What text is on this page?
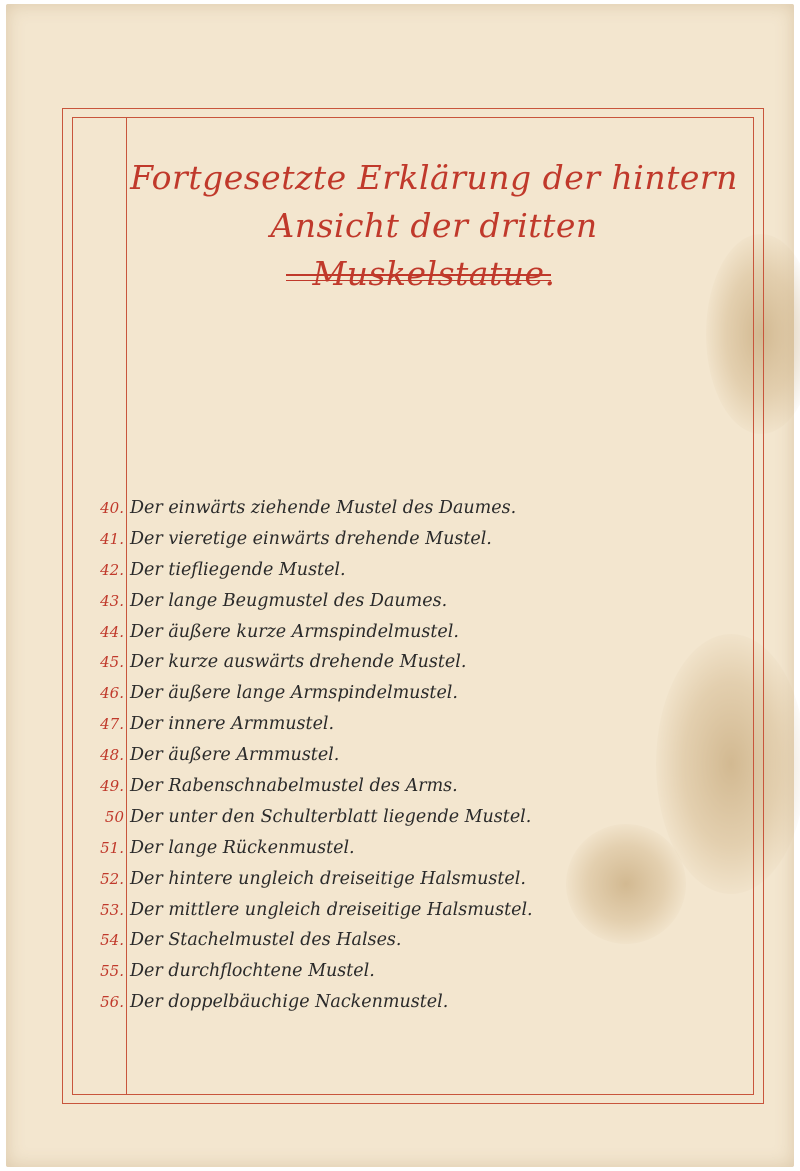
Fortgesetzte Erklärung der hintern Ansicht der dritten
Muskelstatue.
40. Der einwärts ziehende Mustel des Daumes.
41. Der vieretige einwärts drehende Mustel.
42. Der tiefliegende Mustel.
43. Der lange Beugmustel des Daumes.
44. Der äußere kurze Armspindelmustel.
45. Der kurze auswärts drehende Mustel.
46. Der äußere lange Armspindelmustel.
47. Der innere Armmustel.
48. Der äußere Armmustel.
49. Der Rabenschnabelmustel des Arms.
50 Der unter den Schulterblatt liegende Mustel.
51. Der lange Rückenmustel.
52. Der hintere ungleich dreiseitige Halsmustel.
53. Der mittlere ungleich dreiseitige Halsmustel.
54. Der Stachelmustel des Halses.
55. Der durchflochtene Mustel.
56. Der doppelbäuchige Nackenmustel.
